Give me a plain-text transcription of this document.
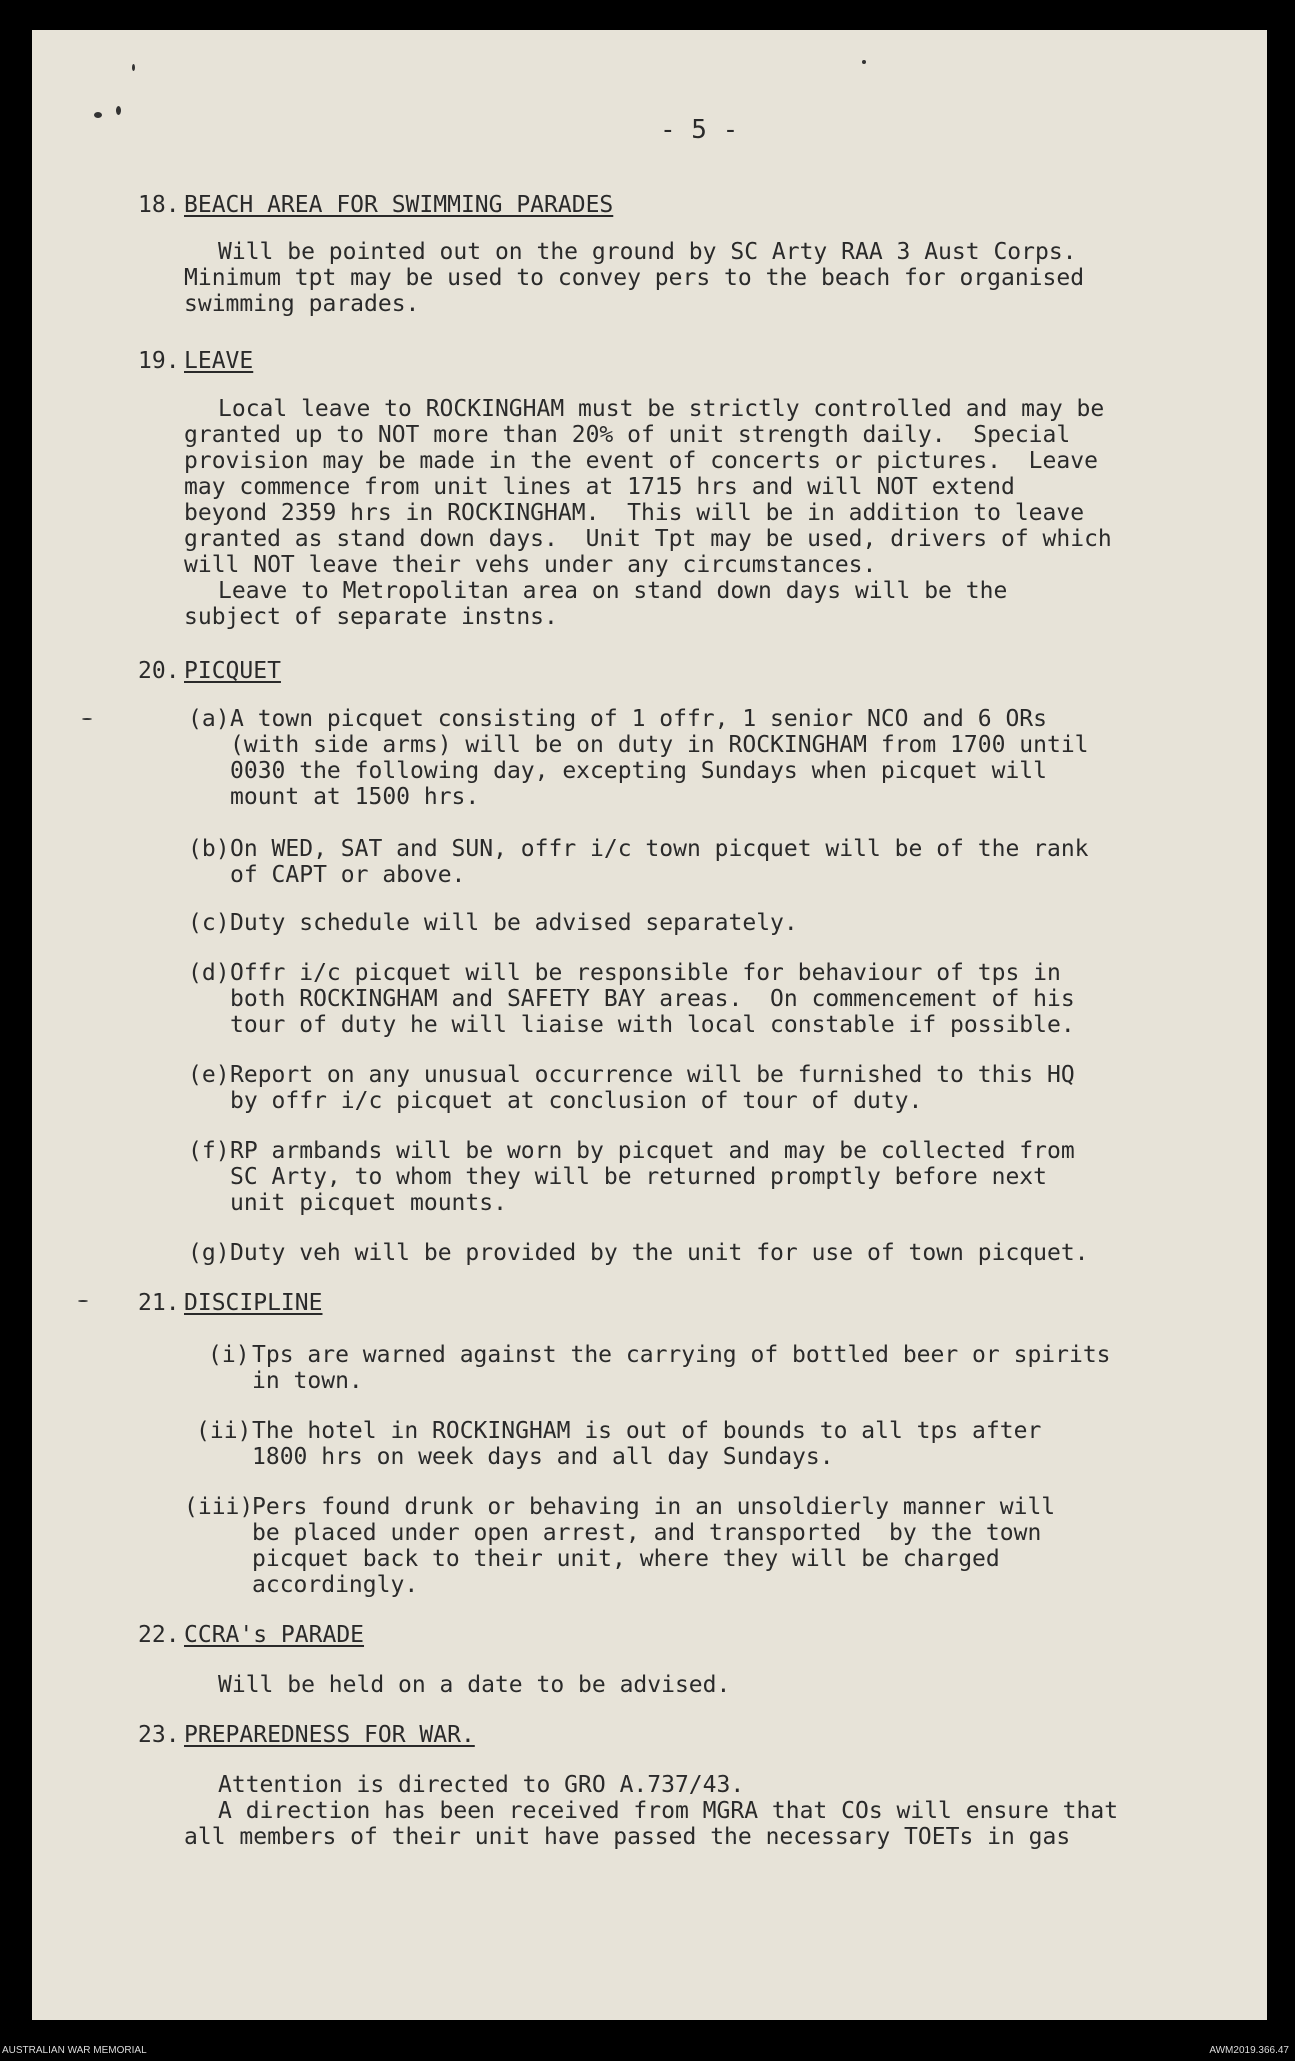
- 5 -
18. BEACH AREA FOR SWIMMING PARADES
Will be pointed out on the ground by SC Arty RAA 3 Aust Corps.
Minimum tpt may be used to convey pers to the beach for organised
swimming parades.
19. LEAVE
Local leave to ROCKINGHAM must be strictly controlled and may be
granted up to NOT more than 20% of unit strength daily.  Special
provision may be made in the event of concerts or pictures.  Leave
may commence from unit lines at 1715 hrs and will NOT extend
beyond 2359 hrs in ROCKINGHAM.  This will be in addition to leave
granted as stand down days.  Unit Tpt may be used, drivers of which
will NOT leave their vehs under any circumstances.
Leave to Metropolitan area on stand down days will be the
subject of separate instns.
20. PICQUET
(a) A town picquet consisting of 1 offr, 1 senior NCO and 6 ORs
(with side arms) will be on duty in ROCKINGHAM from 1700 until
0030 the following day, excepting Sundays when picquet will
mount at 1500 hrs.
(b) On WED, SAT and SUN, offr i/c town picquet will be of the rank
of CAPT or above.
(c) Duty schedule will be advised separately.
(d) Offr i/c picquet will be responsible for behaviour of tps in
both ROCKINGHAM and SAFETY BAY areas.  On commencement of his
tour of duty he will liaise with local constable if possible.
(e) Report on any unusual occurrence will be furnished to this HQ
by offr i/c picquet at conclusion of tour of duty.
(f) RP armbands will be worn by picquet and may be collected from
SC Arty, to whom they will be returned promptly before next
unit picquet mounts.
(g) Duty veh will be provided by the unit for use of town picquet.
21. DISCIPLINE
(i) Tps are warned against the carrying of bottled beer or spirits
in town.
(ii) The hotel in ROCKINGHAM is out of bounds to all tps after
1800 hrs on week days and all day Sundays.
(iii)
Pers found drunk or behaving in an unsoldierly manner will
be placed under open arrest, and transported  by the town
picquet back to their unit, where they will be charged
accordingly.
22. CCRA's PARADE
Will be held on a date to be advised.
23. PREPAREDNESS FOR WAR.
Attention is directed to GRO A.737/43.
A direction has been received from MGRA that COs will ensure that
all members of their unit have passed the necessary TOETs in gas
AUSTRALIAN WAR MEMORIAL	AWM2019.366.47
